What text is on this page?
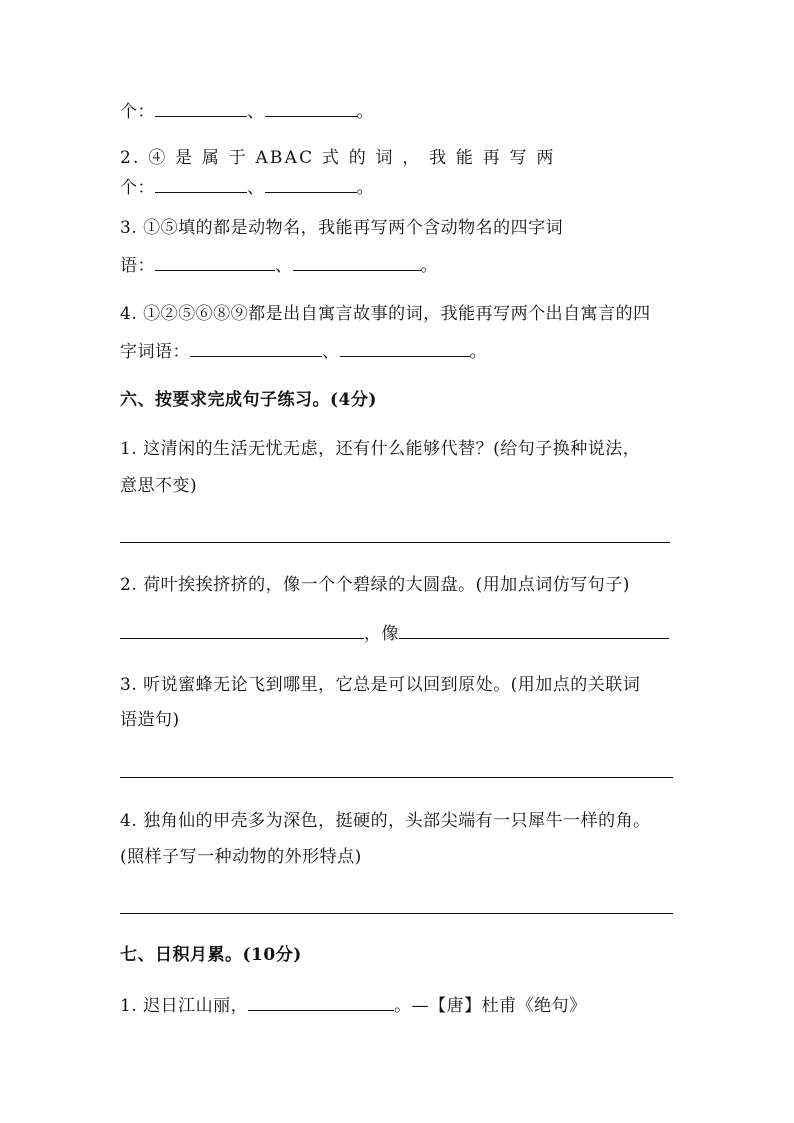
个：	、	。
2. ④ 是 属 于 ABAC 式 的 词 ， 我 能 再 写 两
个：	、	。
3. ①⑤填的都是动物名，我能再写两个含动物名的四字词
语：	、	。
4. ①②⑤⑥⑧⑨都是出自寓言故事的词，我能再写两个出自寓言的四
字词语：	、	。
六、按要求完成句子练习。(4分)
1. 这清闲的生活无忧无虑，还有什么能够代替？(给句子换种说法，
意思不变)
2. 荷叶挨挨挤挤的，像一个个碧绿的大圆盘。(用加点词仿写句子)
，像
3. 听说蜜蜂无论飞到哪里，它总是可以回到原处。(用加点的关联词
语造句)
4. 独角仙的甲壳多为深色，挺硬的，头部尖端有一只犀牛一样的角。
(照样子写一种动物的外形特点)
七、日积月累。(10分)
1. 迟日江山丽，	。—【唐】杜甫《绝句》
